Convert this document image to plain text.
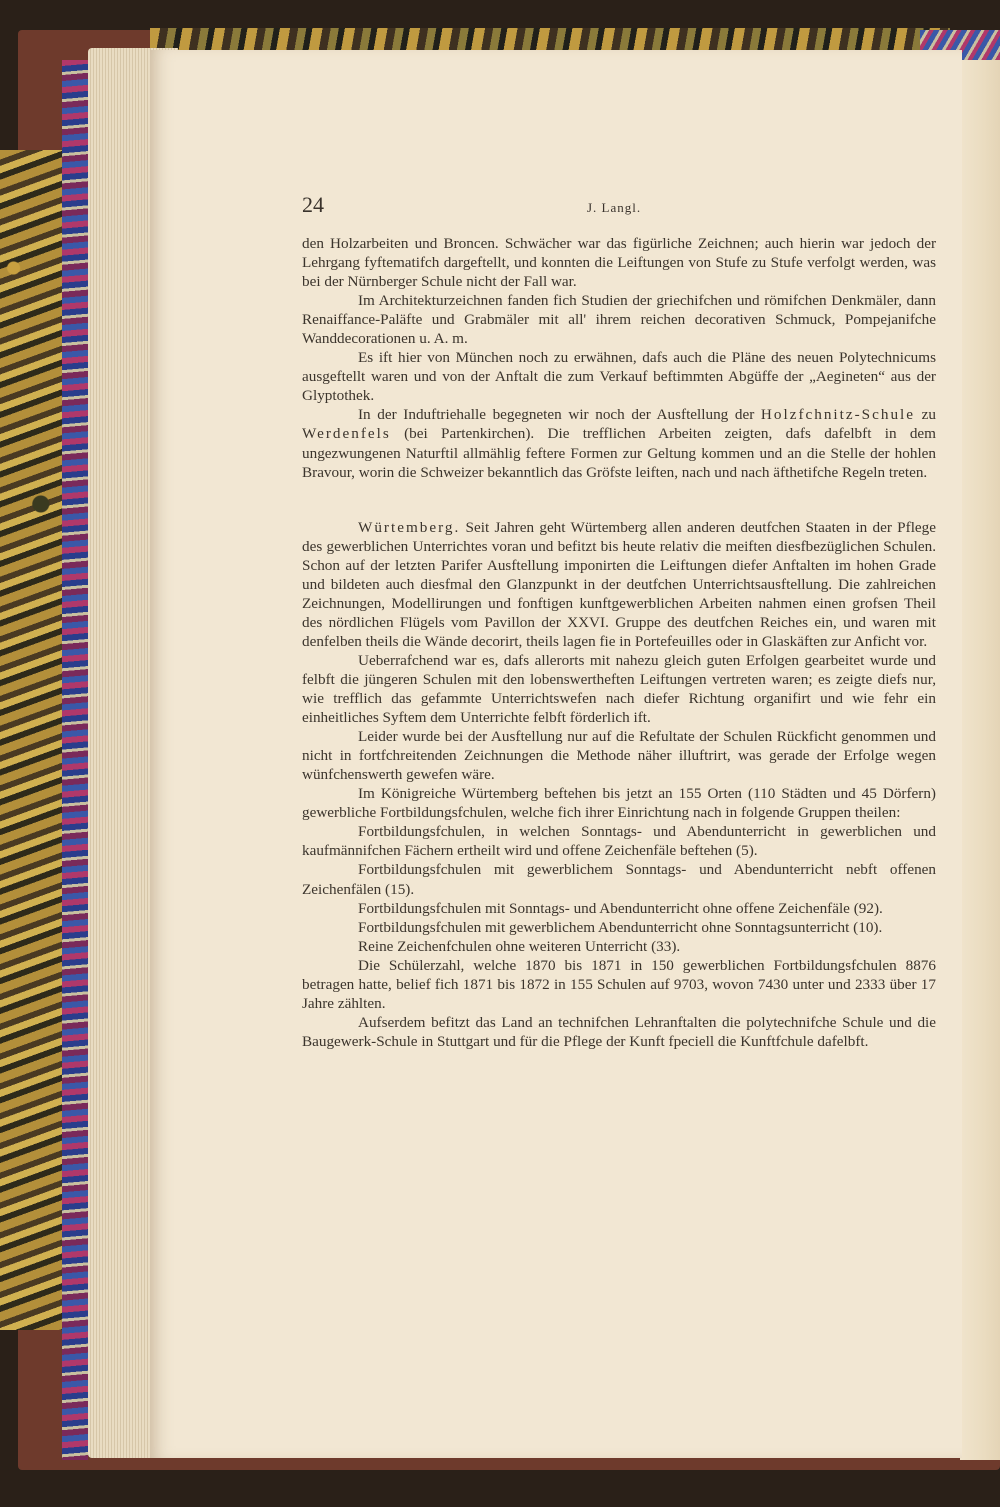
24	J. Langl.

den Holzarbeiten und Broncen. Schwächer war das figürliche Zeichnen; auch hierin war jedoch der Lehrgang fyftematifch dargeftellt, und konnten die Leiftungen von Stufe zu Stufe verfolgt werden, was bei der Nürnberger Schule nicht der Fall war.

Im Architekturzeichnen fanden fich Studien der griechifchen und römifchen Denkmäler, dann Renaiffance-Paläfte und Grabmäler mit all' ihrem reichen decorativen Schmuck, Pompejanifche Wanddecorationen u. A. m.

Es ift hier von München noch zu erwähnen, dafs auch die Pläne des neuen Polytechnicums ausgeftellt waren und von der Anftalt die zum Verkauf beftimmten Abgüffe der „Aegineten“ aus der Glyptothek.

In der Induftriehalle begegneten wir noch der Ausftellung der Holzfchnitz-Schule zu Werdenfels (bei Partenkirchen). Die trefflichen Arbeiten zeigten, dafs dafelbft in dem ungezwungenen Naturftil allmählig feftere Formen zur Geltung kommen und an die Stelle der hohlen Bravour, worin die Schweizer bekanntlich das Gröfste leiften, nach und nach äfthetifche Regeln treten.

Würtemberg. Seit Jahren geht Würtemberg allen anderen deutfchen Staaten in der Pflege des gewerblichen Unterrichtes voran und befitzt bis heute relativ die meiften diesfbezüglichen Schulen. Schon auf der letzten Parifer Ausftellung imponirten die Leiftungen diefer Anftalten im hohen Grade und bildeten auch diesfmal den Glanzpunkt in der deutfchen Unterrichtsausftellung. Die zahlreichen Zeichnungen, Modellirungen und fonftigen kunftgewerblichen Arbeiten nahmen einen grofsen Theil des nördlichen Flügels vom Pavillon der XXVI. Gruppe des deutfchen Reiches ein, und waren mit denfelben theils die Wände decorirt, theils lagen fie in Portefeuilles oder in Glaskäften zur Anficht vor.

Ueberrafchend war es, dafs allerorts mit nahezu gleich guten Erfolgen gearbeitet wurde und felbft die jüngeren Schulen mit den lobenswertheften Leiftungen vertreten waren; es zeigte diefs nur, wie trefflich das gefammte Unterrichtswefen nach diefer Richtung organifirt und wie fehr ein einheitliches Syftem dem Unterrichte felbft förderlich ift.

Leider wurde bei der Ausftellung nur auf die Refultate der Schulen Rückficht genommen und nicht in fortfchreitenden Zeichnungen die Methode näher illuftrirt, was gerade der Erfolge wegen wünfchenswerth gewefen wäre.

Im Königreiche Würtemberg beftehen bis jetzt an 155 Orten (110 Städten und 45 Dörfern) gewerbliche Fortbildungsfchulen, welche fich ihrer Einrichtung nach in folgende Gruppen theilen:

Fortbildungsfchulen, in welchen Sonntags- und Abendunterricht in gewerblichen und kaufmännifchen Fächern ertheilt wird und offene Zeichenfäle beftehen (5).

Fortbildungsfchulen mit gewerblichem Sonntags- und Abendunterricht nebft offenen Zeichenfälen (15).

Fortbildungsfchulen mit Sonntags- und Abendunterricht ohne offene Zeichenfäle (92).

Fortbildungsfchulen mit gewerblichem Abendunterricht ohne Sonntagsunterricht (10).

Reine Zeichenfchulen ohne weiteren Unterricht (33).

Die Schülerzahl, welche 1870 bis 1871 in 150 gewerblichen Fortbildungsfchulen 8876 betragen hatte, belief fich 1871 bis 1872 in 155 Schulen auf 9703, wovon 7430 unter und 2333 über 17 Jahre zählten.

Aufserdem befitzt das Land an technifchen Lehranftalten die polytechnifche Schule und die Baugewerk-Schule in Stuttgart und für die Pflege der Kunft fpeciell die Kunftfchule dafelbft.
